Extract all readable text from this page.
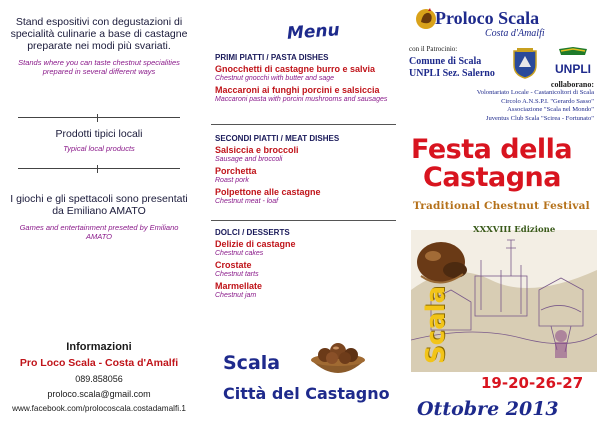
Stand espositivi con degustazioni di specialità culinarie a base di castagne preparate nei modi più svariati.
Stands where you can taste chestnut specialities prepared in several different ways
Prodotti tipici locali
Typical local products
I giochi e gli spettacoli sono presentati da Emiliano AMATO
Games and entertainment preseted by Emiliano AMATO
Informazioni
Pro Loco Scala - Costa d'Amalfi
089.858056
proloco.scala@gmail.com
www.facebook.com/prolocoscala.costadamalfi.1
Menu
PRIMI PIATTI / PASTA DISHES
Gnocchetti di castagne burro e salvia
Chestnut gnocchi with butter and sage
Maccaroni ai funghi porcini e salsiccia
Maccaroni pasta with porcini mushrooms and sausages
SECONDI PIATTI / MEAT DISHES
Salsiccia e broccoli
Sausage and broccoli
Porchetta
Roast pork
Polpettone alle castagne
Chestnut meat - loaf
DOLCI / DESSERTS
Delizie di castagne
Chestnut cakes
Crostate
Chestnut tarts
Marmellate
Chestnut jam
Scala
Città del Castagno
Proloco Scala
Costa d'Amalfi
con il Patrocinio:
Comune di Scala
UNPLI Sez. Salerno	UNPLI
collaborano:
Volontariato Locale - Castanicoltori di Scala
Circolo A.N.S.P.I. "Gerardo Sasso"
Associazione "Scala nel Mondo"
Juventus Club Scala "Scirea - Fortunato"
Festa della
Castagna
Traditional Chestnut Festival
XXXVIII Edizione
Scala
19-20-26-27
Ottobre 2013
